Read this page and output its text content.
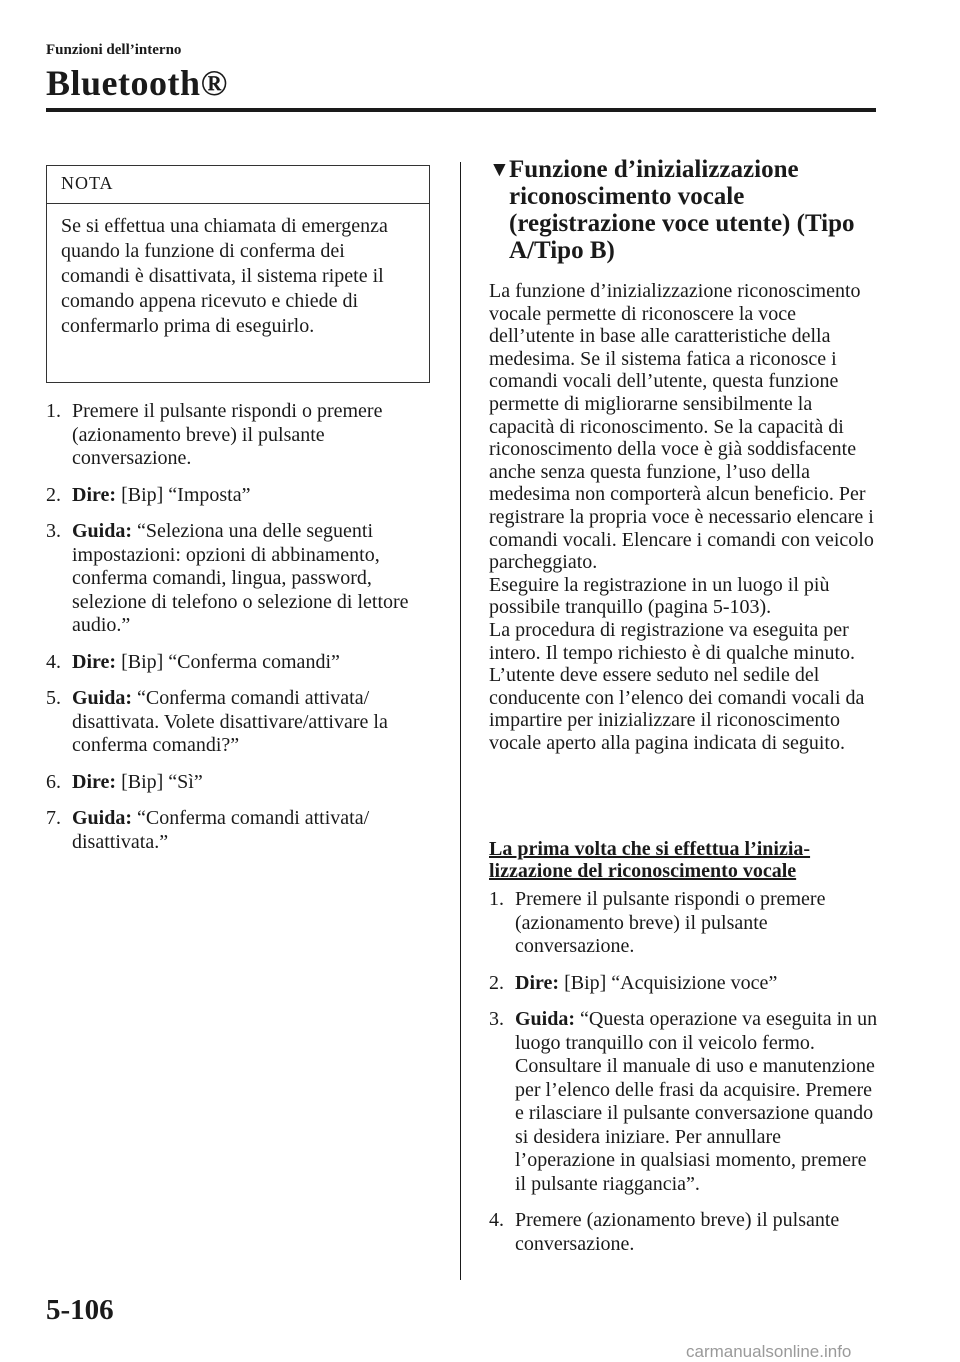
Funzioni dell’interno
Bluetooth®
NOTA
Se si effettua una chiamata di emergenza quando la funzione di conferma dei comandi è disattivata, il sistema ripete il comando appena ricevuto e chiede di confermarlo prima di eseguirlo.
1. Premere il pulsante rispondi o premere (azionamento breve) il pulsante conversazione.
2. Dire: [Bip] “Imposta”
3. Guida: “Seleziona una delle seguenti impostazioni: opzioni di abbinamento, conferma comandi, lingua, password, selezione di telefono o selezione di lettore audio.”
4. Dire: [Bip] “Conferma comandi”
5. Guida: “Conferma comandi attivata/ disattivata. Volete disattivare/attivare la conferma comandi?”
6. Dire: [Bip] “Sì”
7. Guida: “Conferma comandi attivata/ disattivata.”
▼ Funzione d’inizializzazione riconoscimento vocale (registrazione voce utente) (Tipo A/Tipo B)

La funzione d’inizializzazione riconoscimento vocale permette di riconoscere la voce dell’utente in base alle caratteristiche della medesima. Se il sistema fatica a riconosce i comandi vocali dell’utente, questa funzione permette di migliorarne sensibilmente la capacità di riconoscimento. Se la capacità di riconoscimento della voce è già soddisfacente anche senza questa funzione, l’uso della medesima non comporterà alcun beneficio. Per registrare la propria voce è necessario elencare i comandi vocali. Elencare i comandi con veicolo parcheggiato.

Eseguire la registrazione in un luogo il più possibile tranquillo (pagina 5-103).

La procedura di registrazione va eseguita per intero. Il tempo richiesto è di qualche minuto. L’utente deve essere seduto nel sedile del conducente con l’elenco dei comandi vocali da impartire per inizializzare il riconoscimento vocale aperto alla pagina indicata di seguito.

La prima volta che si effettua l’inizia- lizzazione del riconoscimento vocale
1. Premere il pulsante rispondi o premere (azionamento breve) il pulsante conversazione.
2. Dire: [Bip] “Acquisizione voce”
3. Guida: “Questa operazione va eseguita in un luogo tranquillo con il veicolo fermo. Consultare il manuale di uso e manutenzione per l’elenco delle frasi da acquisire. Premere e rilasciare il pulsante conversazione quando si desidera iniziare. Per annullare l’operazione in qualsiasi momento, premere il pulsante riaggancia”.
4. Premere (azionamento breve) il pulsante conversazione.
5-106
carmanualsonline.info
